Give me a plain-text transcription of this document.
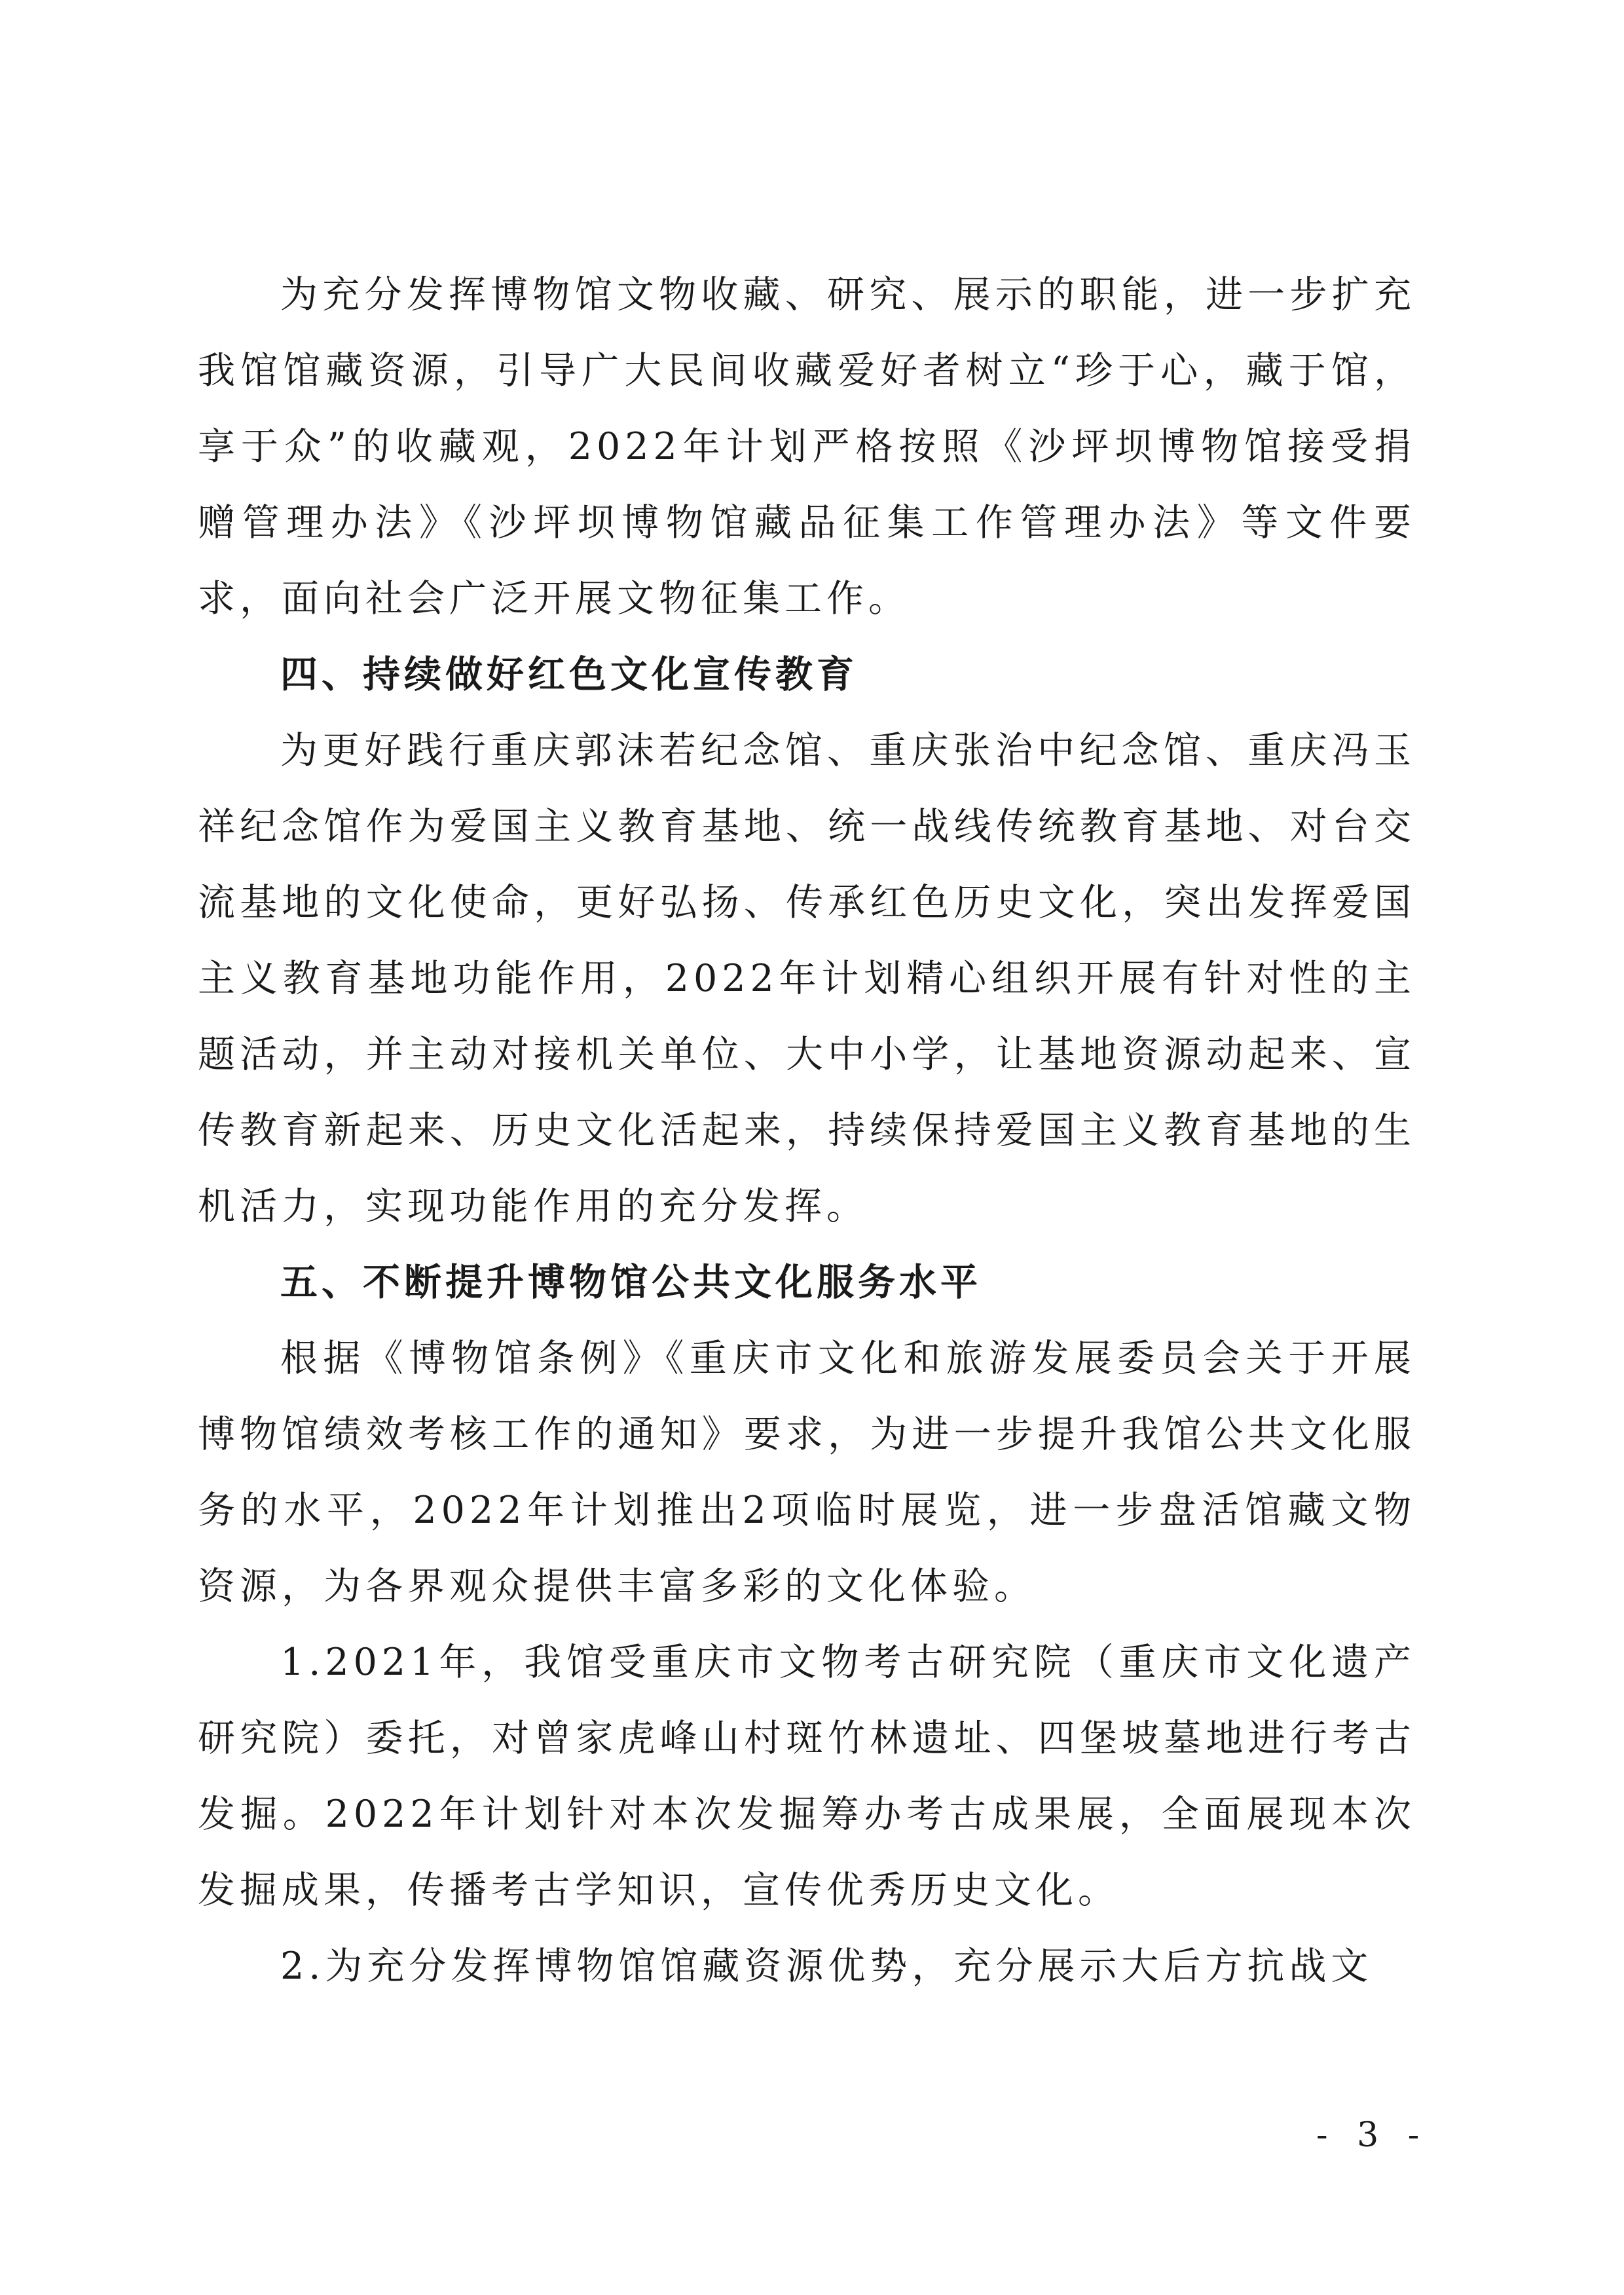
为充分发挥博物馆文物收藏、研究、展示的职能，进一步扩充我馆馆藏资源，引导广大民间收藏爱好者树立“珍于心，藏于馆，享于众”的收藏观，2022年计划严格按照《沙坪坝博物馆接受捐赠管理办法》《沙坪坝博物馆藏品征集工作管理办法》等文件要求，面向社会广泛开展文物征集工作。

四、持续做好红色文化宣传教育

为更好践行重庆郭沫若纪念馆、重庆张治中纪念馆、重庆冯玉祥纪念馆作为爱国主义教育基地、统一战线传统教育基地、对台交流基地的文化使命，更好弘扬、传承红色历史文化，突出发挥爱国主义教育基地功能作用，2022年计划精心组织开展有针对性的主题活动，并主动对接机关单位、大中小学，让基地资源动起来、宣传教育新起来、历史文化活起来，持续保持爱国主义教育基地的生机活力，实现功能作用的充分发挥。

五、不断提升博物馆公共文化服务水平

根据《博物馆条例》《重庆市文化和旅游发展委员会关于开展博物馆绩效考核工作的通知》要求，为进一步提升我馆公共文化服务的水平，2022年计划推出2项临时展览，进一步盘活馆藏文物资源，为各界观众提供丰富多彩的文化体验。

1.2021年，我馆受重庆市文物考古研究院（重庆市文化遗产研究院）委托，对曾家虎峰山村斑竹林遗址、四堡坡墓地进行考古发掘。2022年计划针对本次发掘筹办考古成果展，全面展现本次发掘成果，传播考古学知识，宣传优秀历史文化。

2.为充分发挥博物馆馆藏资源优势，充分展示大后方抗战文

- 3 -
